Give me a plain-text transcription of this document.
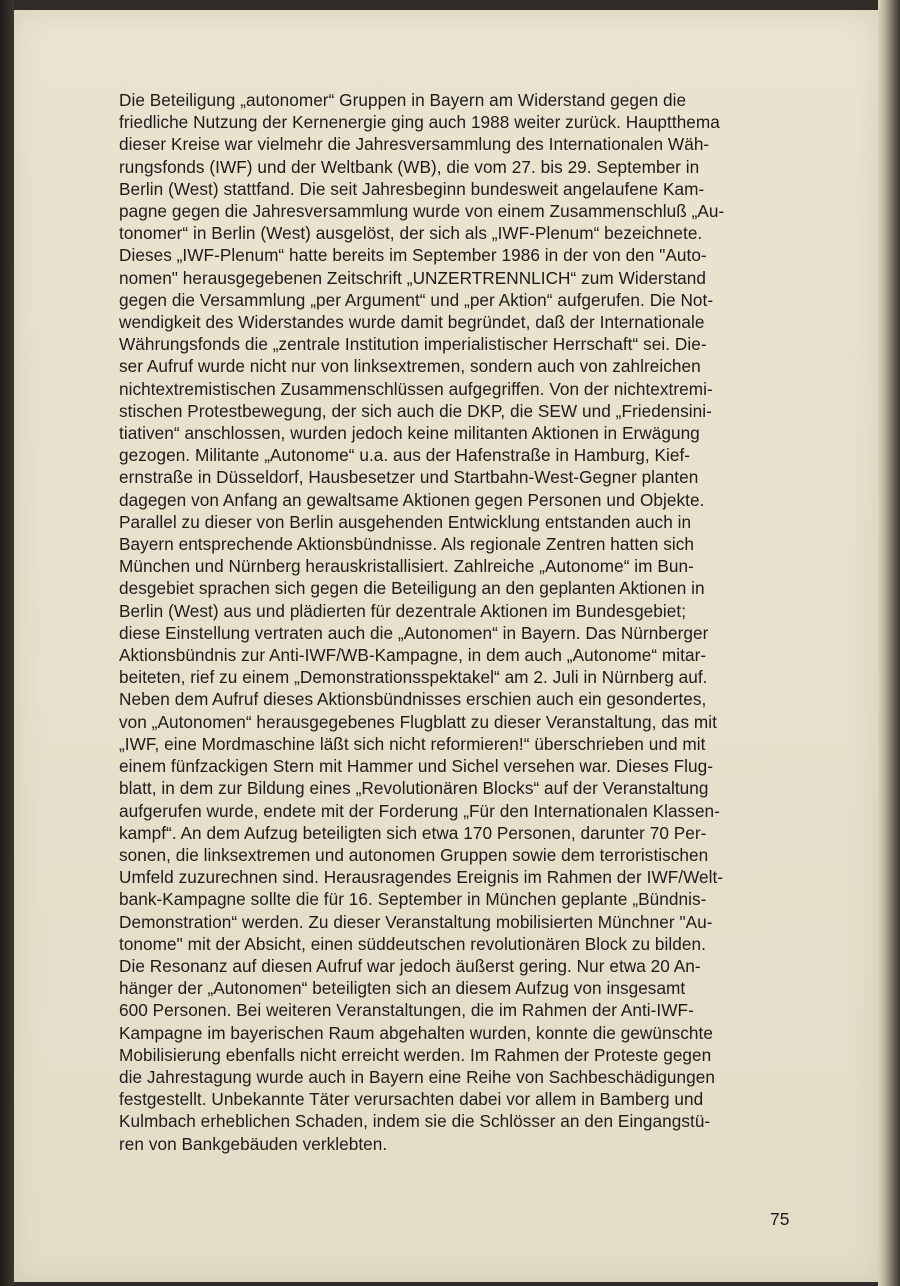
Die Beteiligung „autonomer“ Gruppen in Bayern am Widerstand gegen die
friedliche Nutzung der Kernenergie ging auch 1988 weiter zurück. Hauptthema
dieser Kreise war vielmehr die Jahresversammlung des Internationalen Wäh-
rungsfonds (IWF) und der Weltbank (WB), die vom 27. bis 29. September in
Berlin (West) stattfand. Die seit Jahresbeginn bundesweit angelaufene Kam-
pagne gegen die Jahresversammlung wurde von einem Zusammenschluß „Au-
tonomer“ in Berlin (West) ausgelöst, der sich als „IWF-Plenum“ bezeichnete.
Dieses „IWF-Plenum“ hatte bereits im September 1986 in der von den "Auto-
nomen" herausgegebenen Zeitschrift „UNZERTRENNLICH“ zum Widerstand
gegen die Versammlung „per Argument“ und „per Aktion“ aufgerufen. Die Not-
wendigkeit des Widerstandes wurde damit begründet, daß der Internationale
Währungsfonds die „zentrale Institution imperialistischer Herrschaft“ sei. Die-
ser Aufruf wurde nicht nur von linksextremen, sondern auch von zahlreichen
nichtextremistischen Zusammenschlüssen aufgegriffen. Von der nichtextremi-
stischen Protestbewegung, der sich auch die DKP, die SEW und „Friedensini-
tiativen“ anschlossen, wurden jedoch keine militanten Aktionen in Erwägung
gezogen. Militante „Autonome“ u.a. aus der Hafenstraße in Hamburg, Kief-
ernstraße in Düsseldorf, Hausbesetzer und Startbahn-West-Gegner planten
dagegen von Anfang an gewaltsame Aktionen gegen Personen und Objekte.

Parallel zu dieser von Berlin ausgehenden Entwicklung entstanden auch in
Bayern entsprechende Aktionsbündnisse. Als regionale Zentren hatten sich
München und Nürnberg herauskristallisiert. Zahlreiche „Autonome“ im Bun-
desgebiet sprachen sich gegen die Beteiligung an den geplanten Aktionen in
Berlin (West) aus und plädierten für dezentrale Aktionen im Bundesgebiet;
diese Einstellung vertraten auch die „Autonomen“ in Bayern. Das Nürnberger
Aktionsbündnis zur Anti-IWF/WB-Kampagne, in dem auch „Autonome“ mitar-
beiteten, rief zu einem „Demonstrationsspektakel“ am 2. Juli in Nürnberg auf.
Neben dem Aufruf dieses Aktionsbündnisses erschien auch ein gesondertes,
von „Autonomen“ herausgegebenes Flugblatt zu dieser Veranstaltung, das mit
„IWF, eine Mordmaschine läßt sich nicht reformieren!“ überschrieben und mit
einem fünfzackigen Stern mit Hammer und Sichel versehen war. Dieses Flug-
blatt, in dem zur Bildung eines „Revolutionären Blocks“ auf der Veranstaltung
aufgerufen wurde, endete mit der Forderung „Für den Internationalen Klassen-
kampf“. An dem Aufzug beteiligten sich etwa 170 Personen, darunter 70 Per-
sonen, die linksextremen und autonomen Gruppen sowie dem terroristischen
Umfeld zuzurechnen sind. Herausragendes Ereignis im Rahmen der IWF/Welt-
bank-Kampagne sollte die für 16. September in München geplante „Bündnis-
Demonstration“ werden. Zu dieser Veranstaltung mobilisierten Münchner "Au-
tonome" mit der Absicht, einen süddeutschen revolutionären Block zu bilden.
Die Resonanz auf diesen Aufruf war jedoch äußerst gering. Nur etwa 20 An-
hänger der „Autonomen“ beteiligten sich an diesem Aufzug von insgesamt
600 Personen. Bei weiteren Veranstaltungen, die im Rahmen der Anti-IWF-
Kampagne im bayerischen Raum abgehalten wurden, konnte die gewünschte
Mobilisierung ebenfalls nicht erreicht werden. Im Rahmen der Proteste gegen
die Jahrestagung wurde auch in Bayern eine Reihe von Sachbeschädigungen
festgestellt. Unbekannte Täter verursachten dabei vor allem in Bamberg und
Kulmbach erheblichen Schaden, indem sie die Schlösser an den Eingangstü-
ren von Bankgebäuden verklebten.

75
